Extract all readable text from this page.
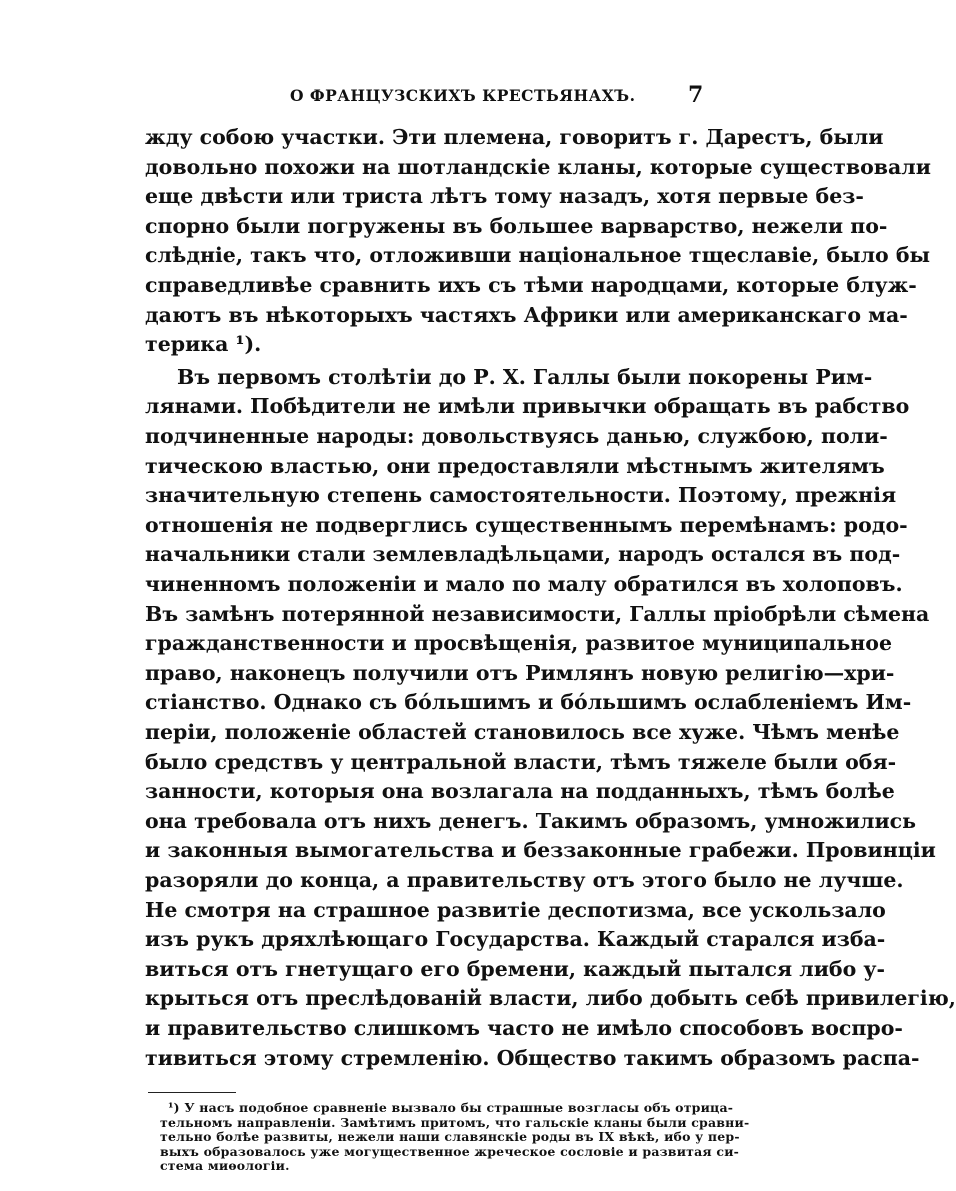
О ФРАНЦУЗСКИХЪ КРЕСТЬЯНАХЪ. 7
жду собою участки. Эти племена, говоритъ г. Дарестъ, были
довольно похожи на шотландскіе кланы, которые существовали
еще двѣсти или триста лѣтъ тому назадъ, хотя первые без-
спорно были погружены въ большее варварство, нежели по-
слѣдніе, такъ что, отложивши національное тщеславіе, было бы
справедливѣе сравнить ихъ съ тѣми народцами, которые блуж-
даютъ въ нѣкоторыхъ частяхъ Африки или американскаго ма-
терика ¹).
Въ первомъ столѣтіи до Р. Х. Галлы были покорены Рим-
лянами. Побѣдители не имѣли привычки обращать въ рабство
подчиненные народы: довольствуясь данью, службою, поли-
тическою властью, они предоставляли мѣстнымъ жителямъ
значительную степень самостоятельности. Поэтому, прежнія
отношенія не подверглись существеннымъ перемѣнамъ: родо-
начальники стали землевладѣльцами, народъ остался въ под-
чиненномъ положеніи и мало по малу обратился въ холоповъ.
Въ замѣнъ потерянной независимости, Галлы пріобрѣли сѣмена
гражданственности и просвѣщенія, развитое муниципальное
право, наконецъ получили отъ Римлянъ новую религію—хри-
стіанство. Однако съ бо́льшимъ и бо́льшимъ ослабленіемъ Им-
періи, положеніе областей становилось все хуже. Чѣмъ менѣе
было средствъ у центральной власти, тѣмъ тяжеле были обя-
занности, которыя она возлагала на подданныхъ, тѣмъ болѣе
она требовала отъ нихъ денегъ. Такимъ образомъ, умножились
и законныя вымогательства и беззаконные грабежи. Провинціи
разоряли до конца, а правительству отъ этого было не лучше.
Не смотря на страшное развитіе деспотизма, все ускользало
изъ рукъ дряхлѣющаго Государства. Каждый старался изба-
виться отъ гнетущаго его бремени, каждый пытался либо у-
крыться отъ преслѣдованій власти, либо добыть себѣ привилегію,
и правительство слишкомъ часто не имѣло способовъ воспро-
тивиться этому стремленію. Общество такимъ образомъ распа-
¹) У насъ подобное сравненіе вызвало бы страшные возгласы объ отрица-
тельномъ направленіи. Замѣтимъ притомъ, что гальскіе кланы были сравни-
тельно болѣе развиты, нежели наши славянскіе роды въ IX вѣкѣ, ибо у пер-
выхъ образовалось уже могущественное жреческое сословіе и развитая си-
стема миѳологіи.
